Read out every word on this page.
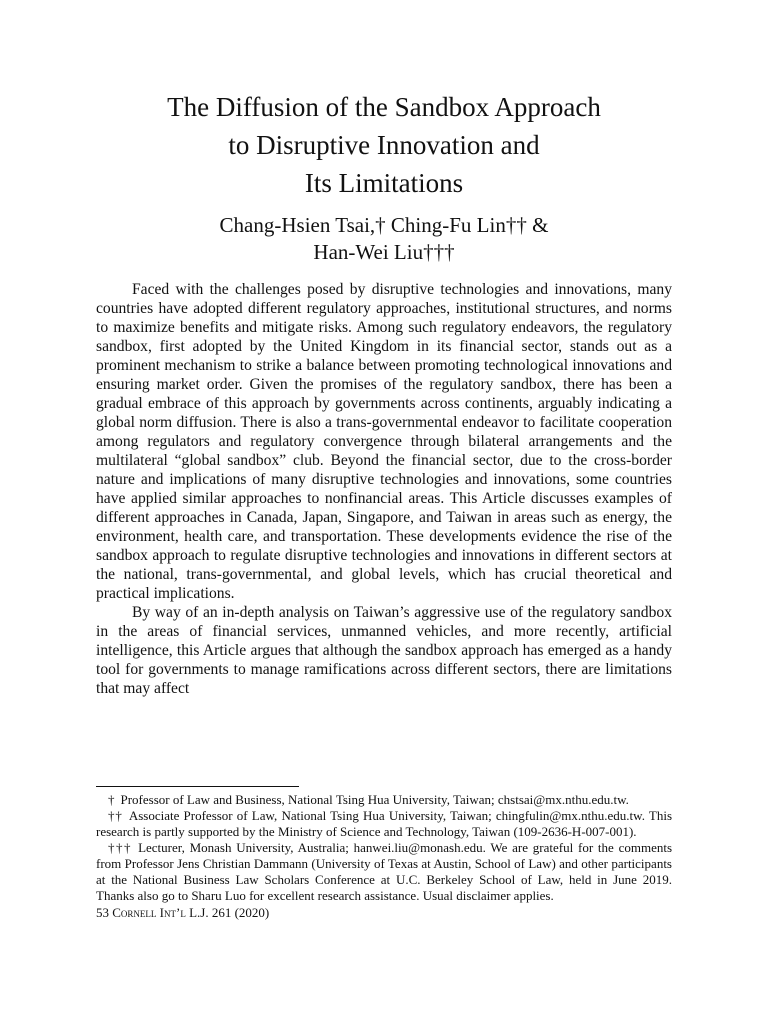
The Diffusion of the Sandbox Approach
to Disruptive Innovation and
Its Limitations
Chang-Hsien Tsai,† Ching-Fu Lin†† &
Han-Wei Liu†††

Faced with the challenges posed by disruptive technologies and innovations, many countries have adopted different regulatory approaches, institutional structures, and norms to maximize benefits and mitigate risks. Among such regulatory endeavors, the regulatory sandbox, first adopted by the United Kingdom in its financial sector, stands out as a prominent mechanism to strike a balance between promoting technological innovations and ensuring market order. Given the promises of the regulatory sandbox, there has been a gradual embrace of this approach by governments across continents, arguably indicating a global norm diffusion. There is also a trans-governmental endeavor to facilitate cooperation among regulators and regulatory convergence through bilateral arrangements and the multilateral “global sandbox” club. Beyond the financial sector, due to the cross-border nature and implications of many disruptive technologies and innovations, some countries have applied similar approaches to nonfinancial areas. This Article discusses examples of different approaches in Canada, Japan, Singapore, and Taiwan in areas such as energy, the environment, health care, and transportation. These developments evidence the rise of the sandbox approach to regulate disruptive technologies and innovations in different sectors at the national, trans-governmental, and global levels, which has crucial theoretical and practical implications.

By way of an in-depth analysis on Taiwan’s aggressive use of the regulatory sandbox in the areas of financial services, unmanned vehicles, and more recently, artificial intelligence, this Article argues that although the sandbox approach has emerged as a handy tool for governments to manage ramifications across different sectors, there are limitations that may affect

† Professor of Law and Business, National Tsing Hua University, Taiwan; chstsai@mx.nthu.edu.tw.

†† Associate Professor of Law, National Tsing Hua University, Taiwan; chingfulin@mx.nthu.edu.tw. This research is partly supported by the Ministry of Science and Technology, Taiwan (109-2636-H-007-001).

††† Lecturer, Monash University, Australia; hanwei.liu@monash.edu. We are grateful for the comments from Professor Jens Christian Dammann (University of Texas at Austin, School of Law) and other participants at the National Business Law Scholars Conference at U.C. Berkeley School of Law, held in June 2019. Thanks also go to Sharu Luo for excellent research assistance. Usual disclaimer applies.

53 Cornell Int’l L.J. 261 (2020)
